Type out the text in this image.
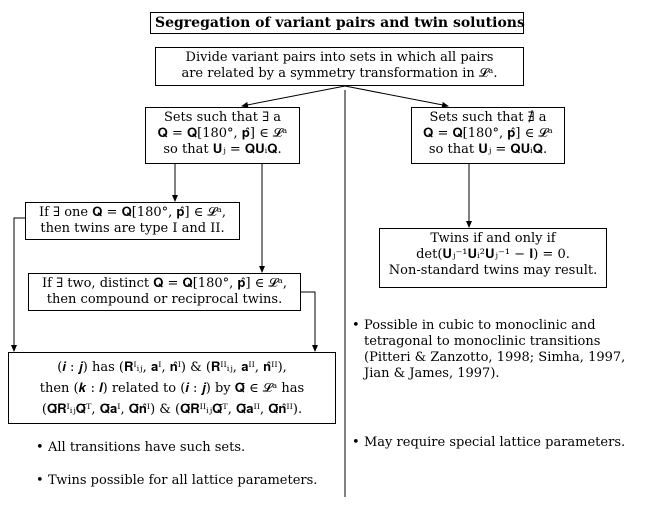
Segregation of variant pairs and twin solutions
Divide variant pairs into sets in which all pairs
are related by a symmetry transformation in 𝓛ᵃ.
Sets such that ∃ a
𝐐 = 𝐐[180°, 𝐩̂] ∈ 𝓛ᵃ
so that 𝐔ⱼ = 𝐐𝐔ᵢ𝐐.
Sets such that ∄ a
𝐐 = 𝐐[180°, 𝐩̂] ∈ 𝓛ᵃ
so that 𝐔ⱼ = 𝐐𝐔ᵢ𝐐.
If ∃ one 𝐐 = 𝐐[180°, 𝐩̂] ∈ 𝓛ᵃ,
then twins are type I and II.
Twins if and only if
det(𝐔ⱼ⁻¹𝐔ᵢ²𝐔ⱼ⁻¹ − 𝐈) = 0.
Non-standard twins may result.
If ∃ two, distinct 𝐐 = 𝐐[180°, 𝐩̂] ∈ 𝓛ᵃ,
then compound or reciprocal twins.
(𝒊 : 𝒋) has (𝐑ᴵᵢⱼ, 𝐚ᴵ, 𝐧̂ᴵ) & (𝐑ᴵᴵᵢⱼ, 𝐚ᴵᴵ, 𝐧̂ᴵᴵ),
then (𝒌 : 𝒍) related to (𝒊 : 𝒋) by 𝐐̄ ∈ 𝓛ᵃ has
(𝐐̄𝐑ᴵᵢⱼ𝐐̄ᵀ, 𝐐̄𝐚ᴵ, 𝐐̄𝐧̂ᴵ) & (𝐐̄𝐑ᴵᴵᵢⱼ𝐐̄ᵀ, 𝐐̄𝐚ᴵᴵ, 𝐐̄𝐧̂ᴵᴵ).
• All transitions have such sets.
• Twins possible for all lattice parameters.
• Possible in cubic to monoclinic and
tetragonal to monoclinic transitions
(Pitteri & Zanzotto, 1998; Simha, 1997,
Jian & James, 1997).
• May require special lattice parameters.
